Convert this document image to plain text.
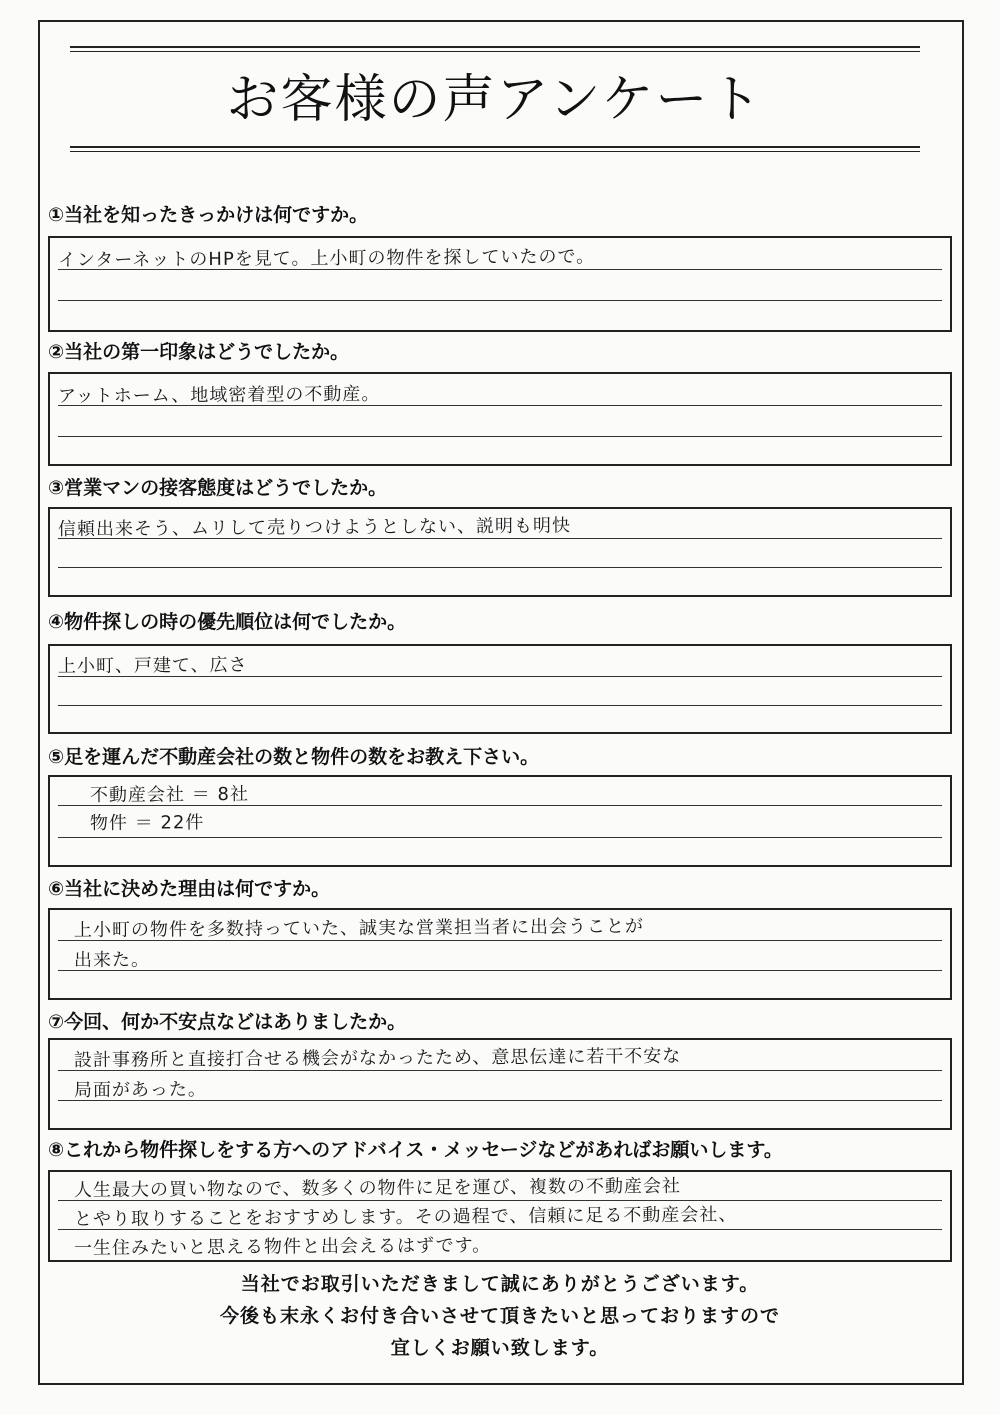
お客様の声アンケート
①当社を知ったきっかけは何ですか。
インターネットのHPを見て。上小町の物件を探していたので。
②当社の第一印象はどうでしたか。
アットホーム、地域密着型の不動産。
③営業マンの接客態度はどうでしたか。
信頼出来そう、ムリして売りつけようとしない、説明も明快
④物件探しの時の優先順位は何でしたか。
上小町、戸建て、広さ
⑤足を運んだ不動産会社の数と物件の数をお教え下さい。
不動産会社 ＝ 8社
物件 ＝ 22件
⑥当社に決めた理由は何ですか。
上小町の物件を多数持っていた、誠実な営業担当者に出会うことが
出来た。
⑦今回、何か不安点などはありましたか。
設計事務所と直接打合せる機会がなかったため、意思伝達に若干不安な
局面があった。
⑧これから物件探しをする方へのアドバイス・メッセージなどがあればお願いします。
人生最大の買い物なので、数多くの物件に足を運び、複数の不動産会社
とやり取りすることをおすすめします。その過程で、信頼に足る不動産会社、
一生住みたいと思える物件と出会えるはずです。
当社でお取引いただきまして誠にありがとうございます。
今後も末永くお付き合いさせて頂きたいと思っておりますので
宜しくお願い致します。
